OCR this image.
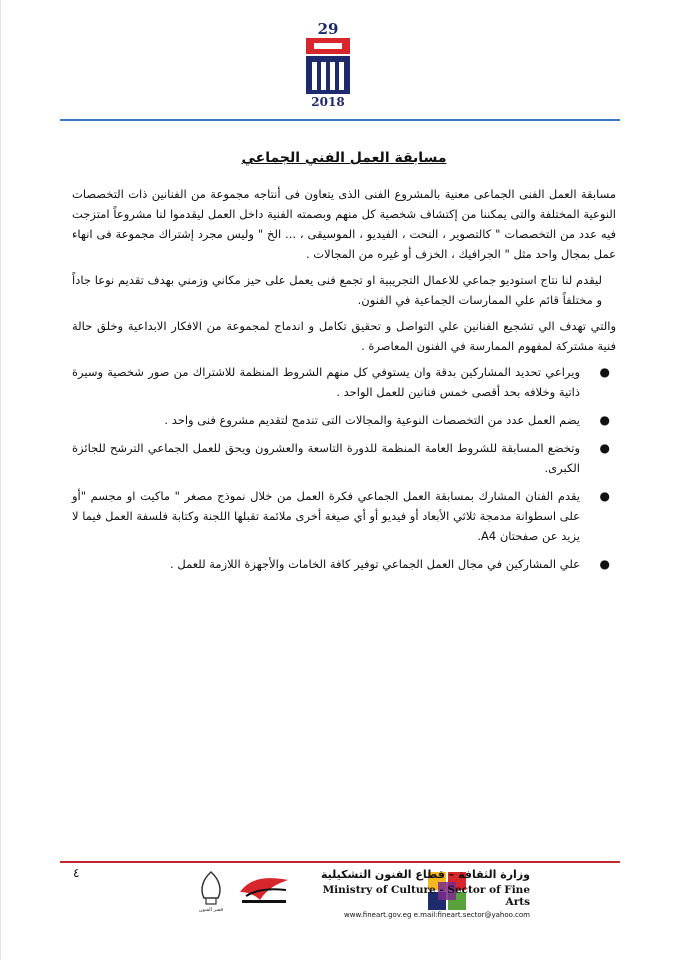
29
2018
مسابقة العمل الفني الجماعي

مسابقة العمل الفنى الجماعى معنية بالمشروع الفنى الذى يتعاون فى أنتاجه مجموعة من الفنانين ذات التخصصات النوعية المختلفة والتى يمكننا من إكتشاف شخصية كل منهم وبصمته الفنية داخل العمل ليقدموا لنا مشروعاً امتزجت فيه عدد من التخصصات " كالتصوير ، النحت ، الفيديو ، الموسيقى ، ... الخ " وليس مجرد إشتراك مجموعة فى انهاء عمل بمجال واحد مثل " الجرافيك ، الخزف أو غيره من المجالات .

ليقدم لنا نتاج استوديو جماعي للاعمال التجريبية او تجمع فنى يعمل على حيز مكاني وزمني بهدف تقديم نوعا جاداً و مختلفاً قائم علي الممارسات الجماعية في الفنون.

والتي تهدف الي تشجيع الفنانين علي التواصل و تحقيق تكامل و اندماج لمجموعة من الافكار الابداعية وخلق حالة فنية مشتركة لمفهوم الممارسة في الفنون المعاصرة .

●
ويراعي تحديد المشاركين بدقة وان يستوفي كل منهم الشروط المنظمة للاشتراك من صور شخصية وسيرة ذاتية وخلافه بحد أقصى خمس فنانين للعمل الواحد .
●
يضم العمل عدد من التخصصات النوعية والمجالات التى تندمج لتقديم مشروع فنى واحد .
●
وتخضع المسابقة للشروط العامة المنظمة للدورة التاسعة والعشرون ويحق للعمل الجماعي الترشح للجائزة الكبرى.
●
يقدم الفنان المشارك بمسابقة العمل الجماعي فكرة العمل من خلال نموذج مصغر " ماكيت او مجسم "أو على اسطوانة مدمجة ثلاثي الأبعاد أو فيديو أو أي صيغة أخرى ملائمة تقبلها اللجنة وكتابة فلسفة العمل فيما لا يزيد عن صفحتان A4.
●
علي المشاركين في مجال العمل الجماعي توفير كافة الخامات والأجهزة اللازمة للعمل .
٤
قصر الفنون
وزارة الثقافة – قطاع الفنون التشكيلية
Ministry of Culture - Sector of Fine Arts
www.fineart.gov.eg e.mail:fineart.sector@yahoo.com
